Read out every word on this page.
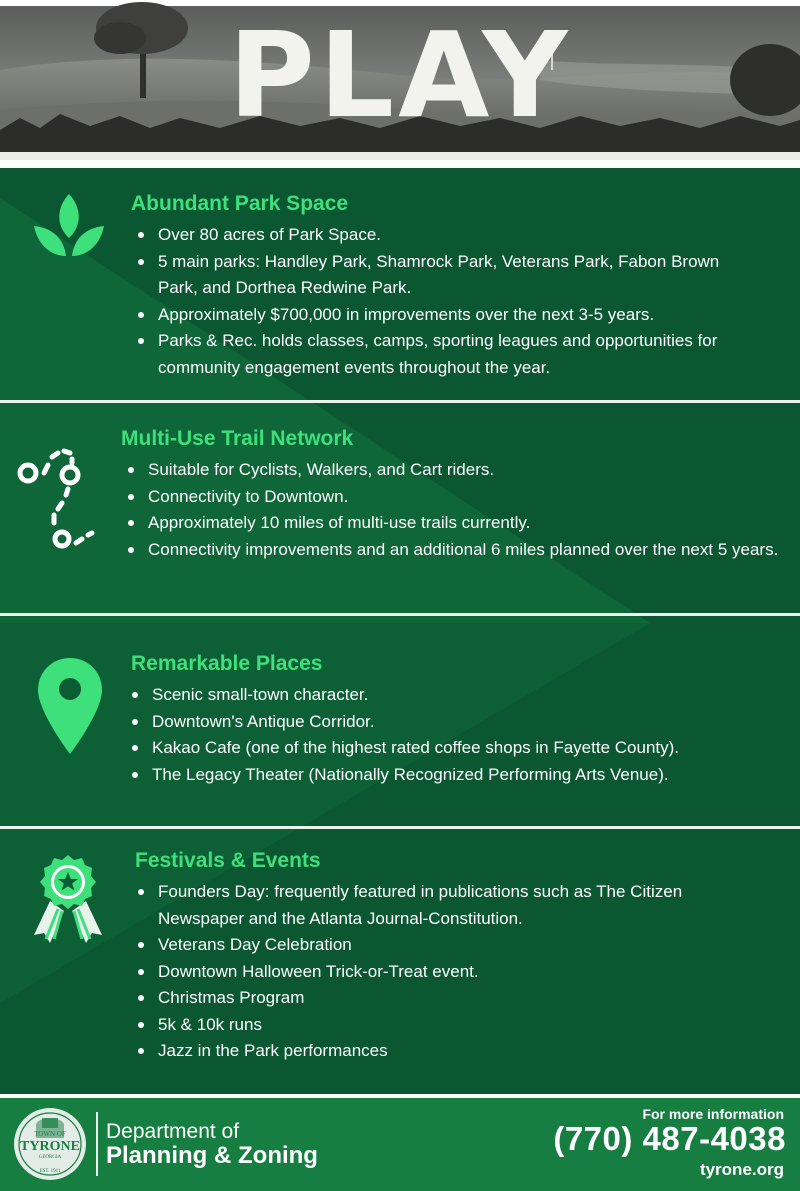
PLAY
Abundant Park Space
Over 80 acres of Park Space.
5 main parks: Handley Park, Shamrock Park, Veterans Park, Fabon Brown Park, and Dorthea Redwine Park.
Approximately $700,000 in improvements over the next 3-5 years.
Parks & Rec. holds classes, camps, sporting leagues and opportunities for community engagement events throughout the year.
Multi-Use Trail Network
Suitable for Cyclists, Walkers, and Cart riders.
Connectivity to Downtown.
Approximately 10 miles of multi-use trails currently.
Connectivity improvements and an additional 6 miles planned over the next 5 years.
Remarkable Places
Scenic small-town character.
Downtown's Antique Corridor.
Kakao Cafe (one of the highest rated coffee shops in Fayette County).
The Legacy Theater (Nationally Recognized Performing Arts Venue).
Festivals & Events
Founders Day: frequently featured in publications such as The Citizen Newspaper and the Atlanta Journal-Constitution.
Veterans Day Celebration
Downtown Halloween Trick-or-Treat event.
Christmas Program
5k & 10k runs
Jazz in the Park performances
TOWN OF
TYRONE
GEORGIA
EST. 1911
Department of
Planning & Zoning
For more information
(770) 487-4038
tyrone.org
